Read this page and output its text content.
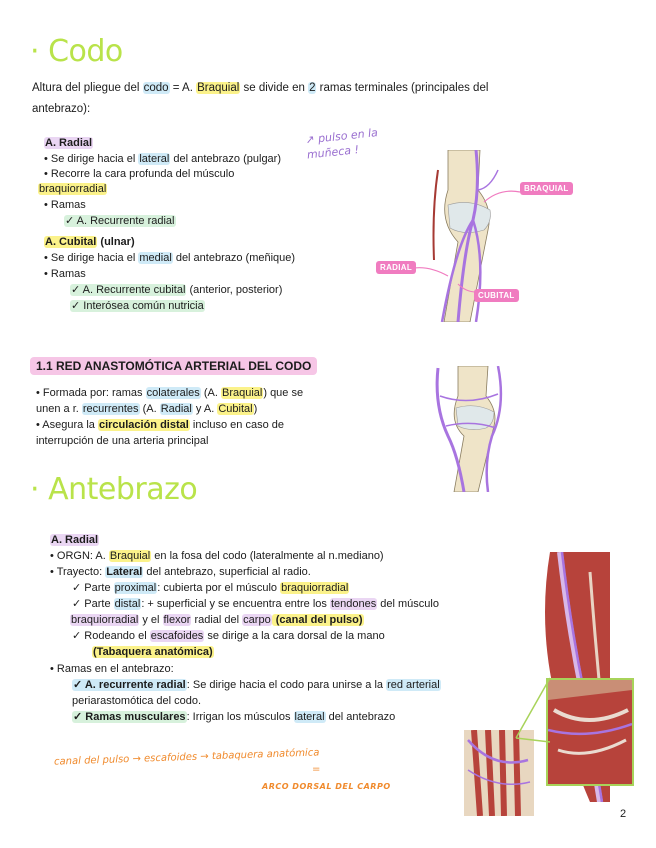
· Codo
Altura del pliegue del codo = A. Braquial se divide en 2 ramas terminales (principales del
antebrazo):
A. Radial
• Se dirige hacia el lateral del antebrazo (pulgar)
• Recorre la cara profunda del músculo
braquiorradial
• Ramas
✓ A. Recurrente radial
A. Cubital (ulnar)
• Se dirige hacia el medial del antebrazo (meñique)
• Ramas
✓ A. Recurrente cubital (anterior, posterior)
✓ Interósea común nutricia
↗ pulso en la muñeca !
BRAQUIAL
RADIAL
CUBITAL
1.1 RED ANASTOMÓTICA ARTERIAL DEL CODO
• Formada por: ramas colaterales (A. Braquial) que se
unen a r. recurrentes (A. Radial y A. Cubital)
• Asegura la circulación distal incluso en caso de
interrupción de una arteria principal
· Antebrazo
A. Radial
• ORGN: A. Braquial en la fosa del codo (lateralmente al n.mediano)
• Trayecto: Lateral del antebrazo, superficial al radio.
✓ Parte proximal: cubierta por el músculo braquiorradial
✓ Parte distal: + superficial y se encuentra entre los tendones del músculo
braquiorradial y el flexor radial del carpo (canal del pulso)
✓ Rodeando el escafoides se dirige a la cara dorsal de la mano
(Tabaquera anatómica)
• Ramas en el antebrazo:
✓ A. recurrente radial: Se dirige hacia el codo para unirse a la red arterial
periarastomótica del codo.
✓ Ramas musculares: Irrigan los músculos lateral del antebrazo
canal del pulso → escafoides → tabaquera anatómica
=
ARCO DORSAL DEL CARPO
2
